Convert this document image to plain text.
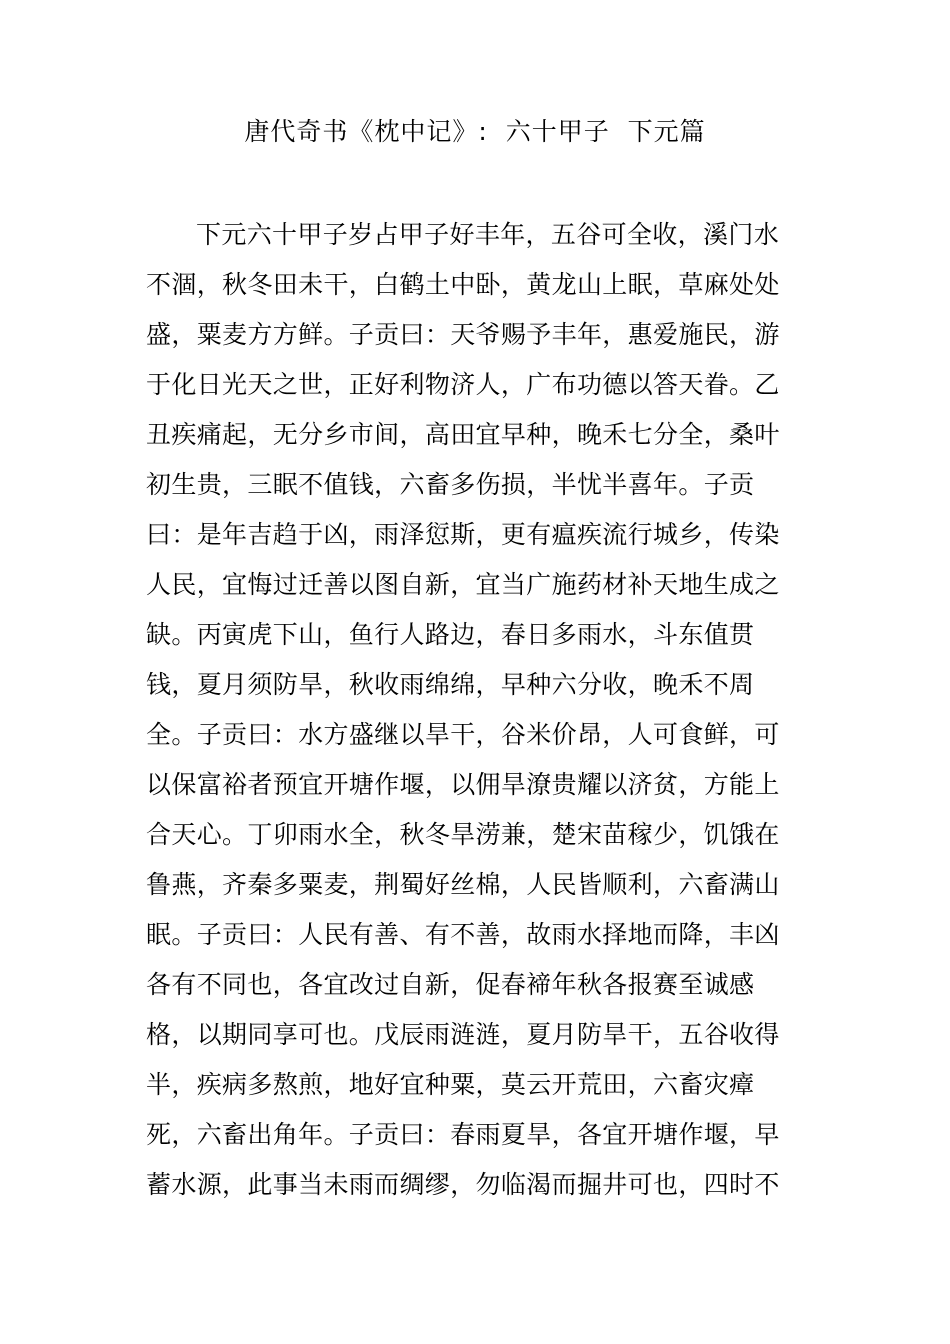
唐代奇书《枕中记》:  六十甲子  下元篇
下元六十甲子岁占甲子好丰年，五谷可全收，溪门水
不涸，秋冬田未干，白鹤土中卧，黄龙山上眠，草麻处处
盛，粟麦方方鲜。子贡曰：天爷赐予丰年，惠爱施民，游
于化日光天之世，正好利物济人，广布功德以答天眷。乙
丑疾痛起，无分乡市间，高田宜早种，晚禾七分全，桑叶
初生贵，三眠不值钱，六畜多伤损，半忧半喜年。子贡
曰：是年吉趋于凶，雨泽愆斯，更有瘟疾流行城乡，传染
人民，宜悔过迁善以图自新，宜当广施药材补天地生成之
缺。丙寅虎下山，鱼行人路边，春日多雨水，斗东值贯
钱，夏月须防旱，秋收雨绵绵，早种六分收，晚禾不周
全。子贡曰：水方盛继以旱干，谷米价昂，人可食鲜，可
以保富裕者预宜开塘作堰，以佣旱潦贵耀以济贫，方能上
合天心。丁卯雨水全，秋冬旱涝兼，楚宋苗稼少，饥饿在
鲁燕，齐秦多粟麦，荆蜀好丝棉，人民皆顺利，六畜满山
眠。子贡曰：人民有善、有不善，故雨水择地而降，丰凶
各有不同也，各宜改过自新，促春褅年秋各报赛至诚感
格，以期同享可也。戊辰雨涟涟，夏月防旱干，五谷收得
半，疾病多熬煎，地好宜种粟，莫云开荒田，六畜灾瘴
死，六畜出角年。子贡曰：春雨夏旱，各宜开塘作堰，早
蓄水源，此事当未雨而绸缪，勿临渴而掘井可也，四时不
